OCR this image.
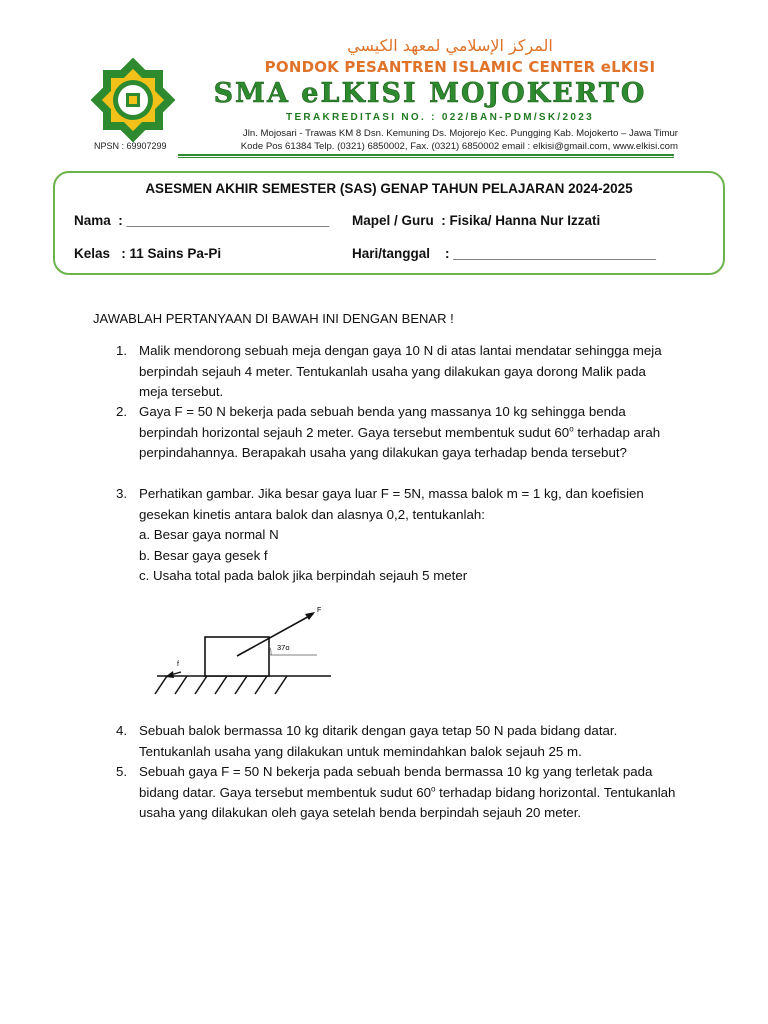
NPSN : 69907299
المركز الإسلامي لمعهد الكيسي
PONDOK PESANTREN ISLAMIC CENTER eLKISI
SMA eLKISI MOJOKERTO
TERAKREDITASI NO. : 022/BAN-PDM/SK/2023
Jln. Mojosari - Trawas KM 8 Dsn. Kemuning Ds. Mojorejo Kec. Pungging Kab. Mojokerto – Jawa Timur
Kode Pos 61384 Telp. (0321) 6850002, Fax. (0321) 6850002 email : elkisi@gmail.com, www.elkisi.com
ASESMEN AKHIR SEMESTER (SAS) GENAP TAHUN PELAJARAN 2024-2025
Nama  : ___________________________ Mapel / Guru  : Fisika/ Hanna Nur Izzati
Kelas   : 11 Sains Pa-Pi	Hari/tanggal    : ___________________________
JAWABLAH PERTANYAAN DI BAWAH INI DENGAN BENAR !
1. Malik mendorong sebuah meja dengan gaya 10 N di atas lantai mendatar sehingga meja berpindah sejauh 4 meter. Tentukanlah usaha yang dilakukan gaya dorong Malik pada meja tersebut.
2. Gaya F = 50 N bekerja pada sebuah benda yang massanya 10 kg sehingga benda berpindah horizontal sejauh 2 meter. Gaya tersebut membentuk sudut 60$^o$ terhadap arah perpindahannya. Berapakah usaha yang dilakukan gaya terhadap benda tersebut?
3. Perhatikan gambar. Jika besar gaya luar F = 5N, massa balok m = 1 kg, dan koefisien gesekan kinetis antara balok dan alasnya 0,2, tentukanlah:
a. Besar gaya normal N
b. Besar gaya gesek f
c. Usaha total pada balok jika berpindah sejauh 5 meter
F
37o
f
4. Sebuah balok bermassa 10 kg ditarik dengan gaya tetap 50 N pada bidang datar. Tentukanlah usaha yang dilakukan untuk memindahkan balok sejauh 25 m.
5. Sebuah gaya F = 50 N bekerja pada sebuah benda bermassa 10 kg yang terletak pada bidang datar. Gaya tersebut membentuk sudut 60$^o$ terhadap bidang horizontal. Tentukanlah usaha yang dilakukan oleh gaya setelah benda berpindah sejauh 20 meter.
